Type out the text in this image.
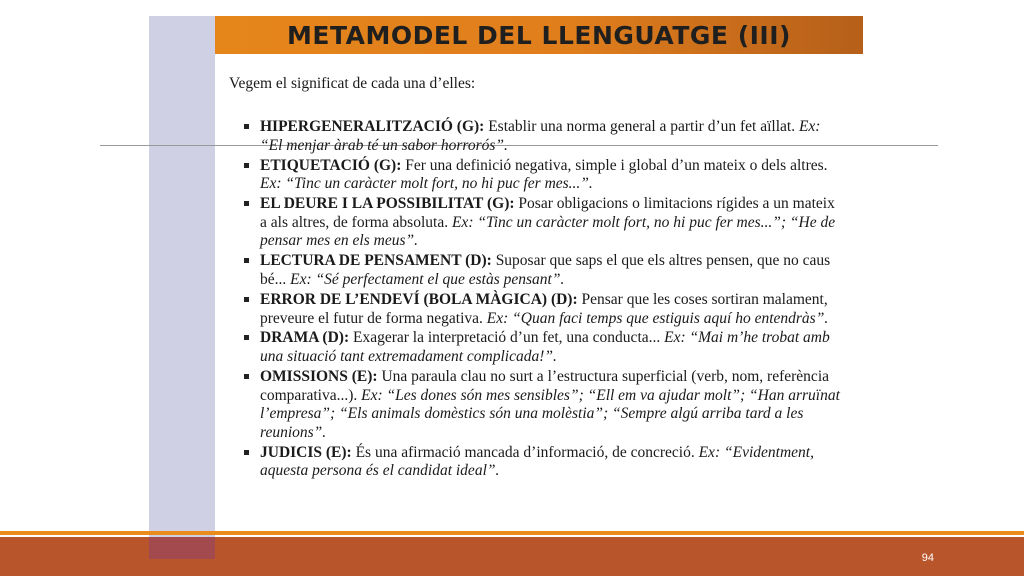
METAMODEL DEL LLENGUATGE (III)
Vegem el significat de cada una d’elles:
HIPERGENERALITZACIÓ (G): Establir una norma general a partir d’un fet aïllat. Ex: “El menjar àrab té un sabor horrorós”.
ETIQUETACIÓ (G): Fer una definició negativa, simple i global d’un mateix o dels altres. Ex: “Tinc un caràcter molt fort, no hi puc fer mes...”.
EL DEURE I LA POSSIBILITAT (G): Posar obligacions o limitacions rígides a un mateix a als altres, de forma absoluta. Ex: “Tinc un caràcter molt fort, no hi puc fer mes...”; “He de pensar mes en els meus”.
LECTURA DE PENSAMENT (D): Suposar que saps el que els altres pensen, que no caus bé... Ex: “Sé perfectament el que estàs pensant”.
ERROR DE L’ENDEVÍ (BOLA MÀGICA) (D): Pensar que les coses sortiran malament, preveure el futur de forma negativa. Ex: “Quan faci temps que estiguis aquí ho entendràs”.
DRAMA (D): Exagerar la interpretació d’un fet, una conducta... Ex: “Mai m’he trobat amb una situació tant extremadament complicada!”.
OMISSIONS (E): Una paraula clau no surt a l’estructura superficial (verb, nom, referència comparativa...). Ex: “Les dones són mes sensibles”; “Ell em va ajudar molt”; “Han arruïnat l’empresa”; “Els animals domèstics són una molèstia”; “Sempre algú arriba tard a les reunions”.
JUDICIS (E): És una afirmació mancada d’informació, de concreció. Ex: “Evidentment, aquesta persona és el candidat ideal”.
94
